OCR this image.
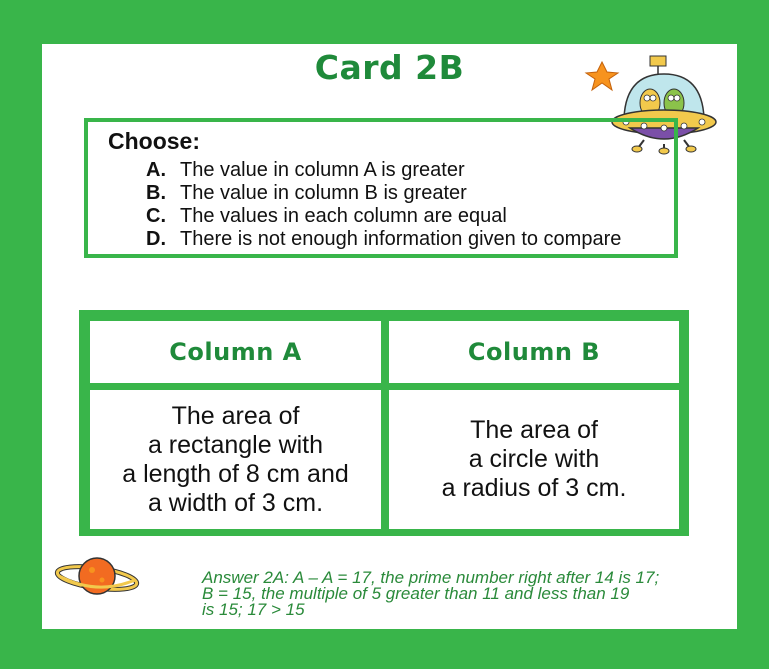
Card 2B
Choose:
A. The value in column A is greater
B. The value in column B is greater
C. The values in each column are equal
D. There is not enough information given to compare
Column A	Column B
The area of
a rectangle with
a length of 8 cm and
a width of 3 cm.
The area of
a circle with
a radius of 3 cm.
Answer 2A: A – A = 17, the prime number right after 14 is 17;
B = 15, the multiple of 5 greater than 11 and less than 19
is 15; 17 > 15
